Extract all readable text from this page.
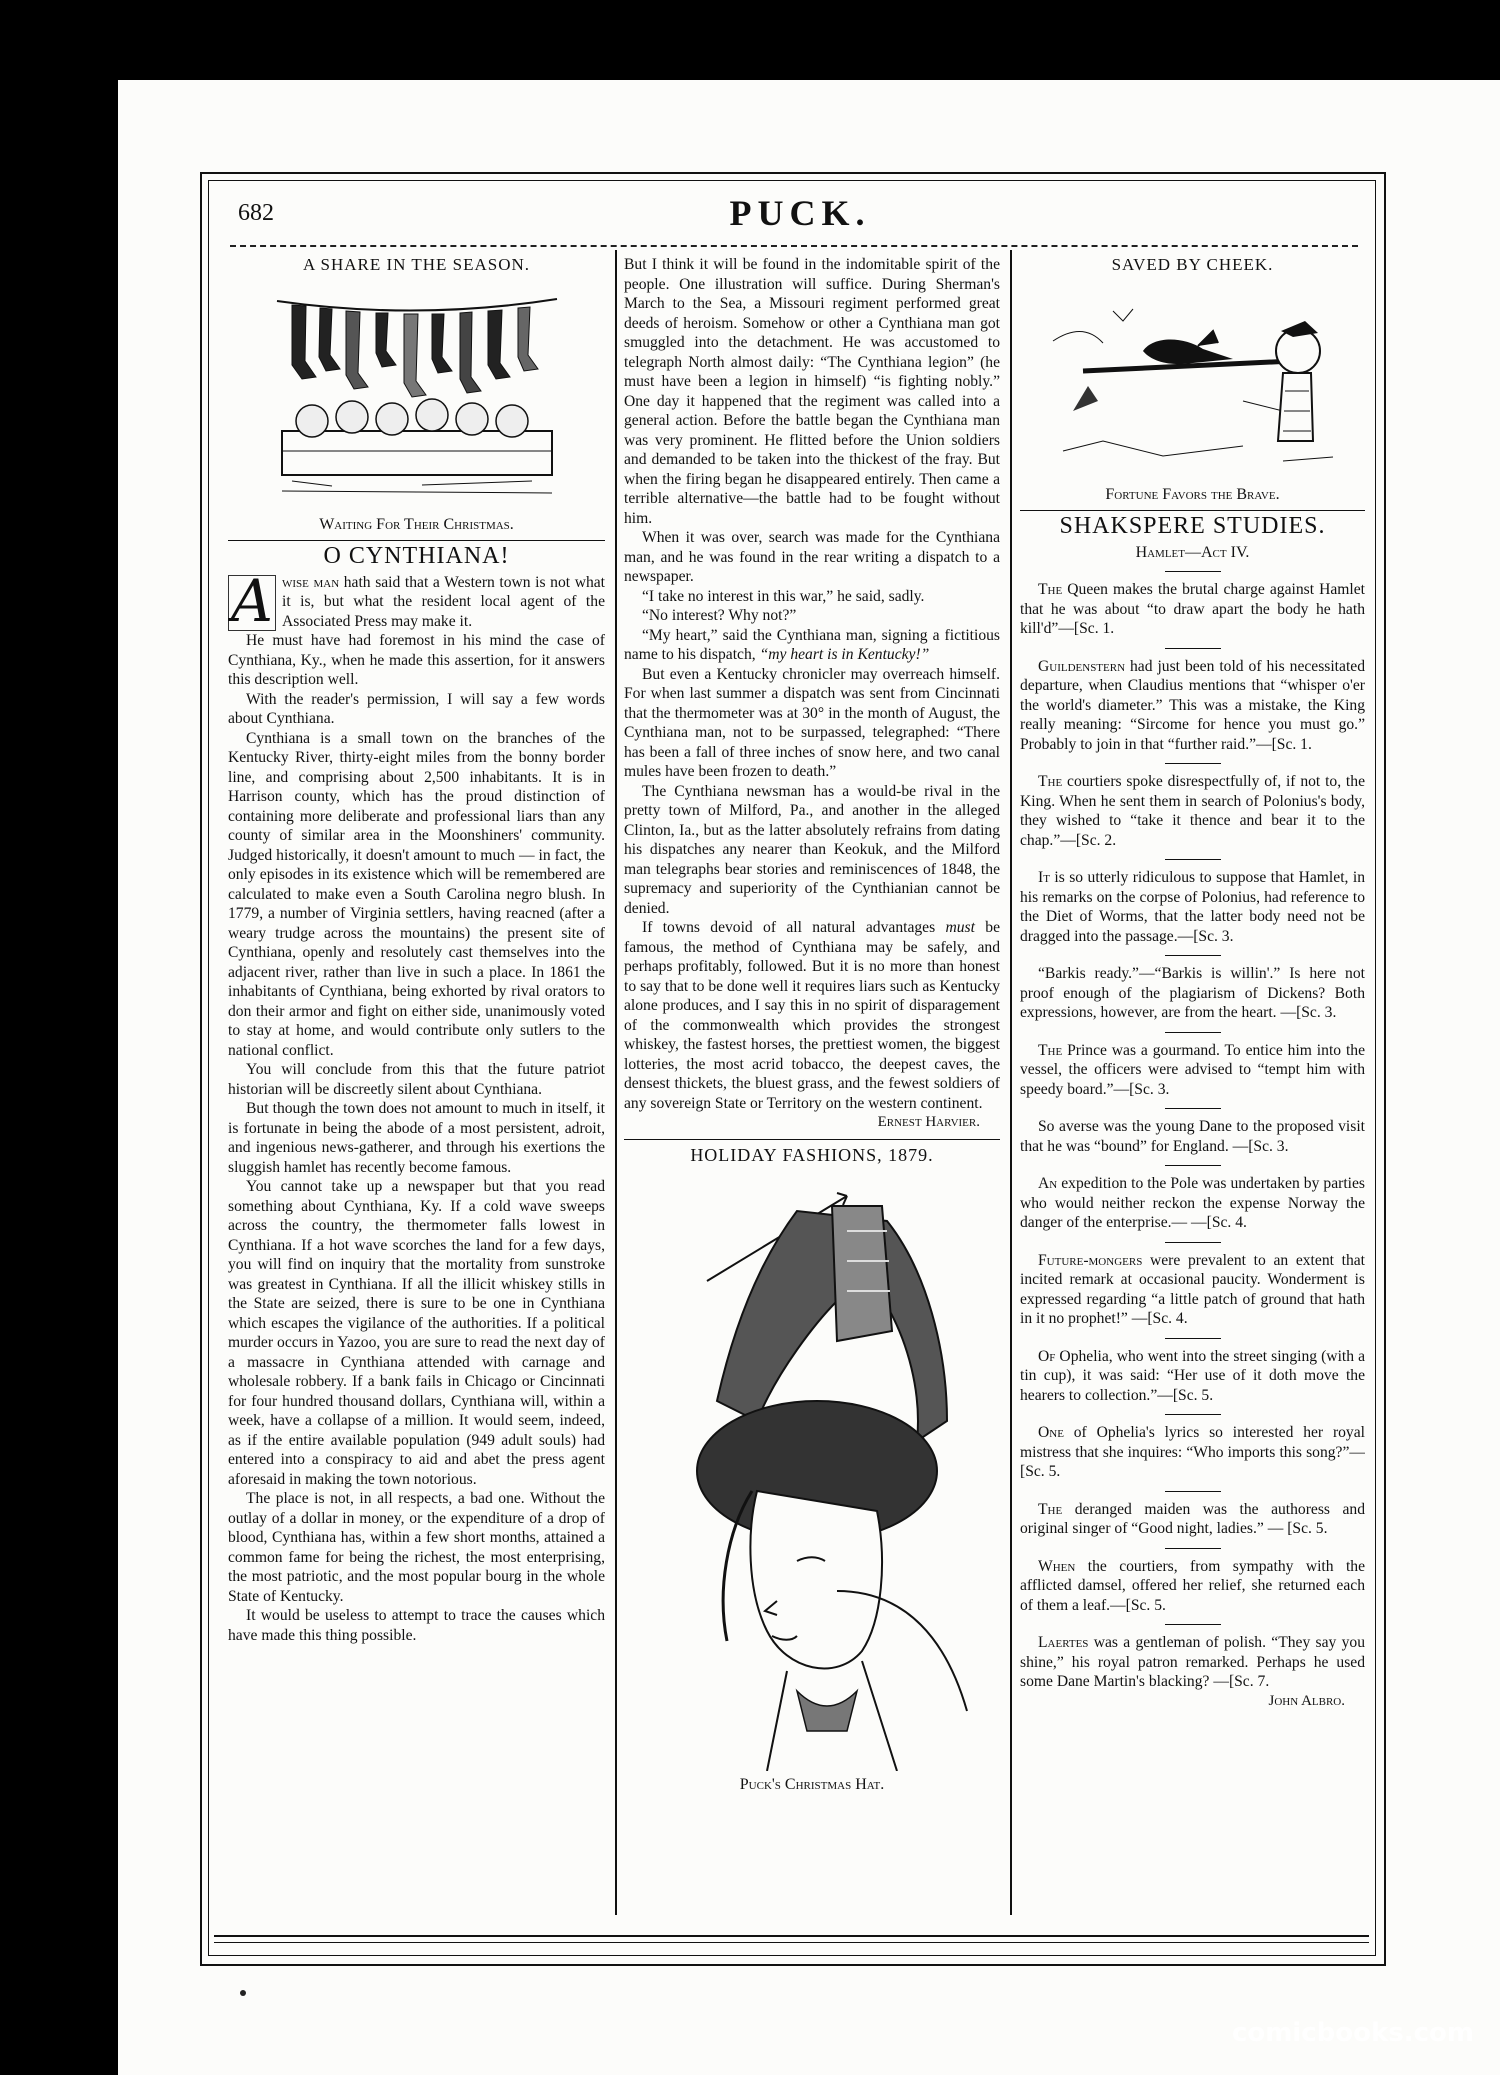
682	PUCK.
A SHARE IN THE SEASON.
Waiting For Their Christmas.
O CYNTHIANA!

A wise man hath said that a Western town is not what it is, but what the resident local agent of the Associated Press may make it.

He must have had foremost in his mind the case of Cynthiana, Ky., when he made this assertion, for it answers this description well.

With the reader's permission, I will say a few words about Cynthiana.

Cynthiana is a small town on the branches of the Kentucky River, thirty-eight miles from the bonny border line, and comprising about 2,500 inhabitants. It is in Harrison county, which has the proud distinction of containing more deliberate and professional liars than any county of similar area in the Moonshiners' community. Judged historically, it doesn't amount to much — in fact, the only episodes in its existence which will be remembered are calculated to make even a South Carolina negro blush. In 1779, a number of Virginia settlers, having reacned (after a weary trudge across the mountains) the present site of Cynthiana, openly and resolutely cast themselves into the adjacent river, rather than live in such a place. In 1861 the inhabitants of Cynthiana, being exhorted by rival orators to don their armor and fight on either side, unanimously voted to stay at home, and would contribute only sutlers to the national conflict.

You will conclude from this that the future patriot historian will be discreetly silent about Cynthiana.

But though the town does not amount to much in itself, it is fortunate in being the abode of a most persistent, adroit, and ingenious news-gatherer, and through his exertions the sluggish hamlet has recently become famous.

You cannot take up a newspaper but that you read something about Cynthiana, Ky. If a cold wave sweeps across the country, the thermometer falls lowest in Cynthiana. If a hot wave scorches the land for a few days, you will find on inquiry that the mortality from sunstroke was greatest in Cynthiana. If all the illicit whiskey stills in the State are seized, there is sure to be one in Cynthiana which escapes the vigilance of the authorities. If a political murder occurs in Yazoo, you are sure to read the next day of a massacre in Cynthiana attended with carnage and wholesale robbery. If a bank fails in Chicago or Cincinnati for four hundred thousand dollars, Cynthiana will, within a week, have a collapse of a million. It would seem, indeed, as if the entire available population (949 adult souls) had entered into a conspiracy to aid and abet the press agent aforesaid in making the town notorious.

The place is not, in all respects, a bad one. Without the outlay of a dollar in money, or the expenditure of a drop of blood, Cynthiana has, within a few short months, attained a common fame for being the richest, the most enterprising, the most patriotic, and the most popular bourg in the whole State of Kentucky.

It would be useless to attempt to trace the causes which have made this thing possible.

But I think it will be found in the indomitable spirit of the people. One illustration will suffice. During Sherman's March to the Sea, a Missouri regiment performed great deeds of heroism. Somehow or other a Cynthiana man got smuggled into the detachment. He was accustomed to telegraph North almost daily: “The Cynthiana legion” (he must have been a legion in himself) “is fighting nobly.” One day it happened that the regiment was called into a general action. Before the battle began the Cynthiana man was very prominent. He flitted before the Union soldiers and demanded to be taken into the thickest of the fray. But when the firing began he disappeared entirely. Then came a terrible alternative—the battle had to be fought without him.

When it was over, search was made for the Cynthiana man, and he was found in the rear writing a dispatch to a newspaper.

“I take no interest in this war,” he said, sadly.

“No interest? Why not?”

“My heart,” said the Cynthiana man, signing a fictitious name to his dispatch, “my heart is in Kentucky!”

But even a Kentucky chronicler may overreach himself. For when last summer a dispatch was sent from Cincinnati that the thermometer was at 30° in the month of August, the Cynthiana man, not to be surpassed, telegraphed: “There has been a fall of three inches of snow here, and two canal mules have been frozen to death.”

The Cynthiana newsman has a would-be rival in the pretty town of Milford, Pa., and another in the alleged Clinton, Ia., but as the latter absolutely refrains from dating his dispatches any nearer than Keokuk, and the Milford man telegraphs bear stories and reminiscences of 1848, the supremacy and superiority of the Cynthianian cannot be denied.

If towns devoid of all natural advantages must be famous, the method of Cynthiana may be safely, and perhaps profitably, followed. But it is no more than honest to say that to be done well it requires liars such as Kentucky alone produces, and I say this in no spirit of disparagement of the commonwealth which provides the strongest whiskey, the fastest horses, the prettiest women, the biggest lotteries, the most acrid tobacco, the deepest caves, the densest thickets, the bluest grass, and the fewest soldiers of any sovereign State or Territory on the western continent.

Ernest Harvier.
HOLIDAY FASHIONS, 1879.
Puck's Christmas Hat.
SAVED BY CHEEK.
Fortune Favors the Brave.
SHAKSPERE STUDIES.
Hamlet—Act IV.

The Queen makes the brutal charge against Hamlet that he was about “to draw apart the body he hath kill'd”—[Sc. 1.

Guildenstern had just been told of his necessitated departure, when Claudius mentions that “whisper o'er the world's diameter.” This was a mistake, the King really meaning: “Sircome for hence you must go.” Probably to join in that “further raid.”—[Sc. 1.

The courtiers spoke disrespectfully of, if not to, the King. When he sent them in search of Polonius's body, they wished to “take it thence and bear it to the chap.”—[Sc. 2.

It is so utterly ridiculous to suppose that Hamlet, in his remarks on the corpse of Polonius, had reference to the Diet of Worms, that the latter body need not be dragged into the passage.—[Sc. 3.

“Barkis ready.”—“Barkis is willin'.” Is here not proof enough of the plagiarism of Dickens? Both expressions, however, are from the heart. —[Sc. 3.

The Prince was a gourmand. To entice him into the vessel, the officers were advised to “tempt him with speedy board.”—[Sc. 3.

So averse was the young Dane to the proposed visit that he was “bound” for England. —[Sc. 3.

An expedition to the Pole was undertaken by parties who would neither reckon the expense Norway the danger of the enterprise.— —[Sc. 4.

Future-mongers were prevalent to an extent that incited remark at occasional paucity. Wonderment is expressed regarding “a little patch of ground that hath in it no prophet!” —[Sc. 4.

Of Ophelia, who went into the street singing (with a tin cup), it was said: “Her use of it doth move the hearers to collection.”—[Sc. 5.

One of Ophelia's lyrics so interested her royal mistress that she inquires: “Who imports this song?”—[Sc. 5.

The deranged maiden was the authoress and original singer of “Good night, ladies.” — [Sc. 5.

When the courtiers, from sympathy with the afflicted damsel, offered her relief, she returned each of them a leaf.—[Sc. 5.

Laertes was a gentleman of polish. “They say you shine,” his royal patron remarked. Perhaps he used some Dane Martin's blacking? —[Sc. 7.

John Albro.
comicbooks.com
